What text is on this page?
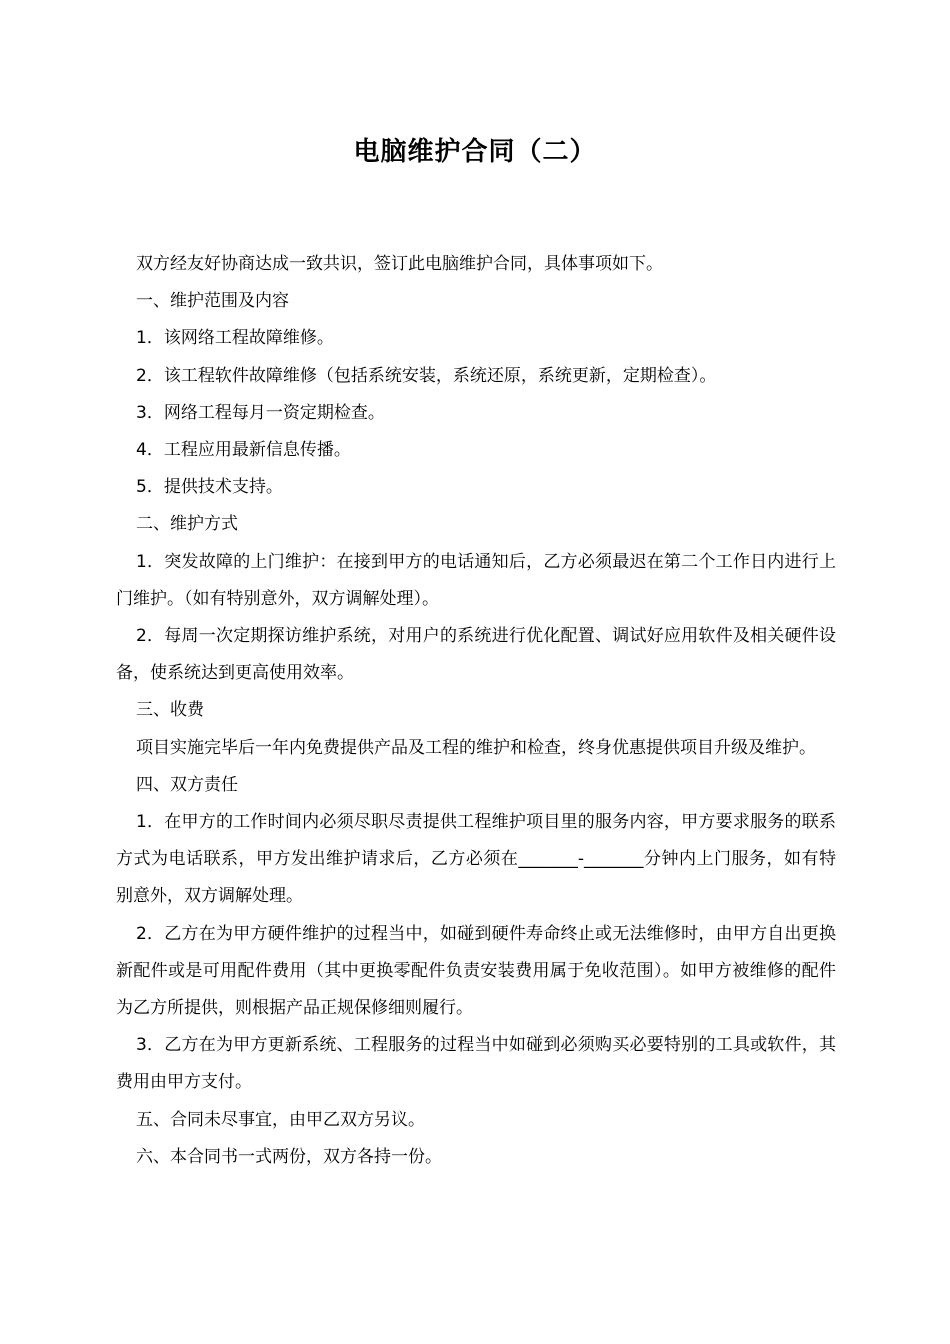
电脑维护合同（二）

双方经友好协商达成一致共识，签订此电脑维护合同，具体事项如下。

一、维护范围及内容

1．该网络工程故障维修。

2．该工程软件故障维修（包括系统安装，系统还原，系统更新，定期检查）。

3．网络工程每月一资定期检查。

4．工程应用最新信息传播。

5．提供技术支持。

二、维护方式

1．突发故障的上门维护：在接到甲方的电话通知后，乙方必须最迟在第二个工作日内进行上门维护。（如有特别意外，双方调解处理）。

2．每周一次定期探访维护系统，对用户的系统进行优化配置、调试好应用软件及相关硬件设备，使系统达到更高使用效率。

三、收费

项目实施完毕后一年内免费提供产品及工程的维护和检查，终身优惠提供项目升级及维护。

四、双方责任

1．在甲方的工作时间内必须尽职尽责提供工程维护项目里的服务内容，甲方要求服务的联系方式为电话联系，甲方发出维护请求后，乙方必须在_______-_______分钟内上门服务，如有特别意外，双方调解处理。

2．乙方在为甲方硬件维护的过程当中，如碰到硬件寿命终止或无法维修时，由甲方自出更换新配件或是可用配件费用（其中更换零配件负责安装费用属于免收范围）。如甲方被维修的配件为乙方所提供，则根据产品正规保修细则履行。

3．乙方在为甲方更新系统、工程服务的过程当中如碰到必须购买必要特别的工具或软件，其费用由甲方支付。

五、合同未尽事宜，由甲乙双方另议。

六、本合同书一式两份，双方各持一份。
